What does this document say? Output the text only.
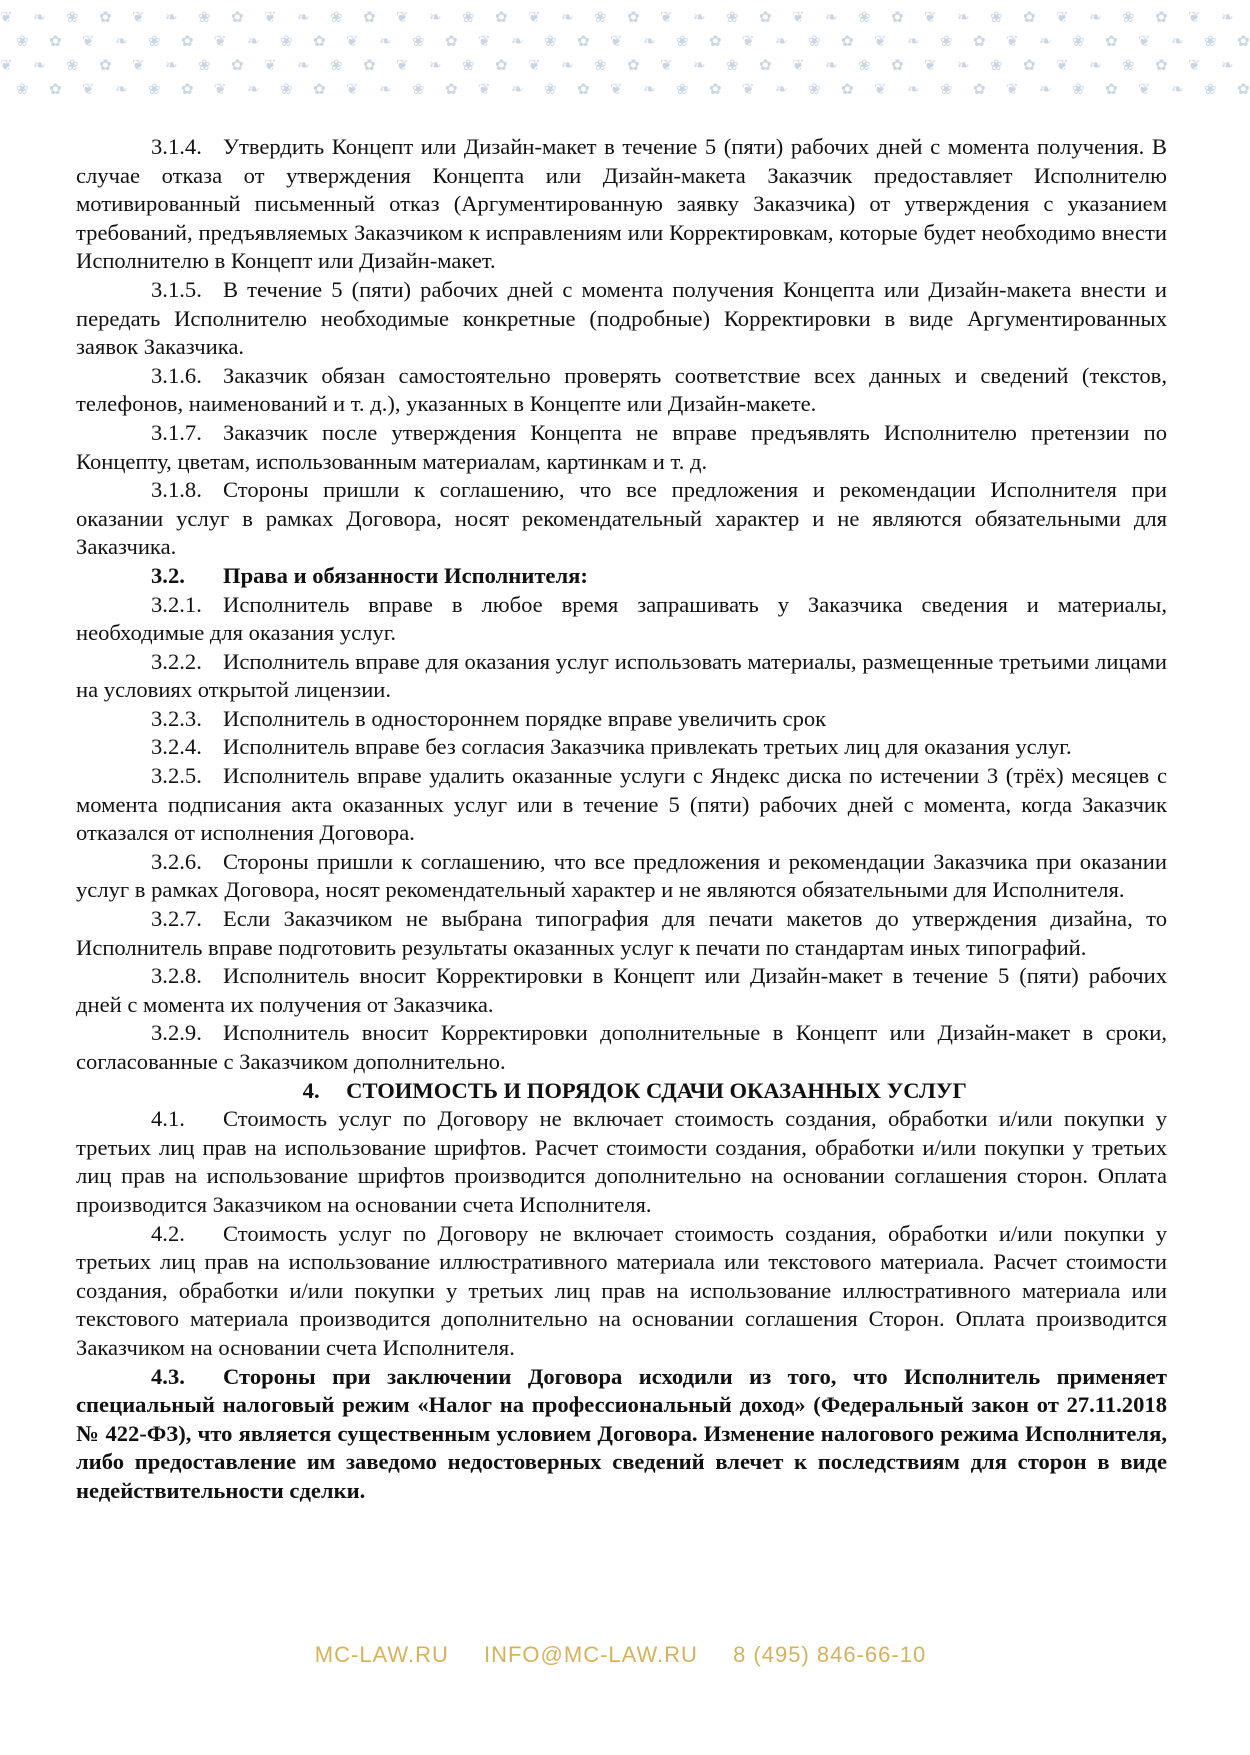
❦ ❧ ❀ ✿ ❦ ❧ ❀ ✿ ❦ ❧ ❀ ✿ ❦ ❧ ❀ ✿ ❦ ❧ ❀ ✿ ❦ ❧ ❀ ✿ ❦ ❧ ❀ ✿ ❦ ❧ ❀ ✿ ❦ ❧ ❀ ✿ ❦ ❧
❀ ✿ ❦ ❧ ❀ ✿ ❦ ❧ ❀ ✿ ❦ ❧ ❀ ✿ ❦ ❧ ❀ ✿ ❦ ❧ ❀ ✿ ❦ ❧ ❀ ✿ ❦ ❧ ❀ ✿ ❦ ❧ ❀ ✿ ❦ ❧ ❀ ✿
❦ ❧ ❀ ✿ ❦ ❧ ❀ ✿ ❦ ❧ ❀ ✿ ❦ ❧ ❀ ✿ ❦ ❧ ❀ ✿ ❦ ❧ ❀ ✿ ❦ ❧ ❀ ✿ ❦ ❧ ❀ ✿ ❦ ❧ ❀ ✿ ❦ ❧
❀ ✿ ❦ ❧ ❀ ✿ ❦ ❧ ❀ ✿ ❦ ❧ ❀ ✿ ❦ ❧ ❀ ✿ ❦ ❧ ❀ ✿ ❦ ❧ ❀ ✿ ❦ ❧ ❀ ✿ ❦ ❧ ❀ ✿ ❦ ❧ ❀ ✿

3.1.4. Утвердить Концепт или Дизайн-макет в течение 5 (пяти) рабочих дней с момента получения. В случае отказа от утверждения Концепта или Дизайн-макета Заказчик предоставляет Исполнителю мотивированный письменный отказ (Аргументированную заявку Заказчика) от утверждения с указанием требований, предъявляемых Заказчиком к исправлениям или Корректировкам, которые будет необходимо внести Исполнителю в Концепт или Дизайн-макет.

3.1.5. В течение 5 (пяти) рабочих дней с момента получения Концепта или Дизайн-макета внести и передать Исполнителю необходимые конкретные (подробные) Корректировки в виде Аргументированных заявок Заказчика.

3.1.6. Заказчик обязан самостоятельно проверять соответствие всех данных и сведений (текстов, телефонов, наименований и т. д.), указанных в Концепте или Дизайн-макете.

3.1.7. Заказчик после утверждения Концепта не вправе предъявлять Исполнителю претензии по Концепту, цветам, использованным материалам, картинкам и т. д.

3.1.8. Стороны пришли к соглашению, что все предложения и рекомендации Исполнителя при оказании услуг в рамках Договора, носят рекомендательный характер и не являются обязательными для Заказчика.

3.2. Права и обязанности Исполнителя:

3.2.1. Исполнитель вправе в любое время запрашивать у Заказчика сведения и материалы, необходимые для оказания услуг.

3.2.2. Исполнитель вправе для оказания услуг использовать материалы, размещенные третьими лицами на условиях открытой лицензии.

3.2.3. Исполнитель в одностороннем порядке вправе увеличить срок

3.2.4. Исполнитель вправе без согласия Заказчика привлекать третьих лиц для оказания услуг.

3.2.5. Исполнитель вправе удалить оказанные услуги с Яндекс диска по истечении 3 (трёх) месяцев с момента подписания акта оказанных услуг или в течение 5 (пяти) рабочих дней с момента, когда Заказчик отказался от исполнения Договора.

3.2.6. Стороны пришли к соглашению, что все предложения и рекомендации Заказчика при оказании услуг в рамках Договора, носят рекомендательный характер и не являются обязательными для Исполнителя.

3.2.7. Если Заказчиком не выбрана типография для печати макетов до утверждения дизайна, то Исполнитель вправе подготовить результаты оказанных услуг к печати по стандартам иных типографий.

3.2.8. Исполнитель вносит Корректировки в Концепт или Дизайн-макет в течение 5 (пяти) рабочих дней с момента их получения от Заказчика.

3.2.9. Исполнитель вносит Корректировки дополнительные в Концепт или Дизайн-макет в сроки, согласованные с Заказчиком дополнительно.

4. СТОИМОСТЬ И ПОРЯДОК СДАЧИ ОКАЗАННЫХ УСЛУГ

4.1. Стоимость услуг по Договору не включает стоимость создания, обработки и/или покупки у третьих лиц прав на использование шрифтов. Расчет стоимости создания, обработки и/или покупки у третьих лиц прав на использование шрифтов производится дополнительно на основании соглашения сторон. Оплата производится Заказчиком на основании счета Исполнителя.

4.2. Стоимость услуг по Договору не включает стоимость создания, обработки и/или покупки у третьих лиц прав на использование иллюстративного материала или текстового материала. Расчет стоимости создания, обработки и/или покупки у третьих лиц прав на использование иллюстративного материала или текстового материала производится дополнительно на основании соглашения Сторон. Оплата производится Заказчиком на основании счета Исполнителя.

4.3. Стороны при заключении Договора исходили из того, что Исполнитель применяет специальный налоговый режим «Налог на профессиональный доход» (Федеральный закон от 27.11.2018 № 422-ФЗ), что является существенным условием Договора. Изменение налогового режима Исполнителя, либо предоставление им заведомо недостоверных сведений влечет к последствиям для сторон в виде недействительности сделки.

MC-LAW.RU INFO@MC-LAW.RU 8 (495) 846-66-10
